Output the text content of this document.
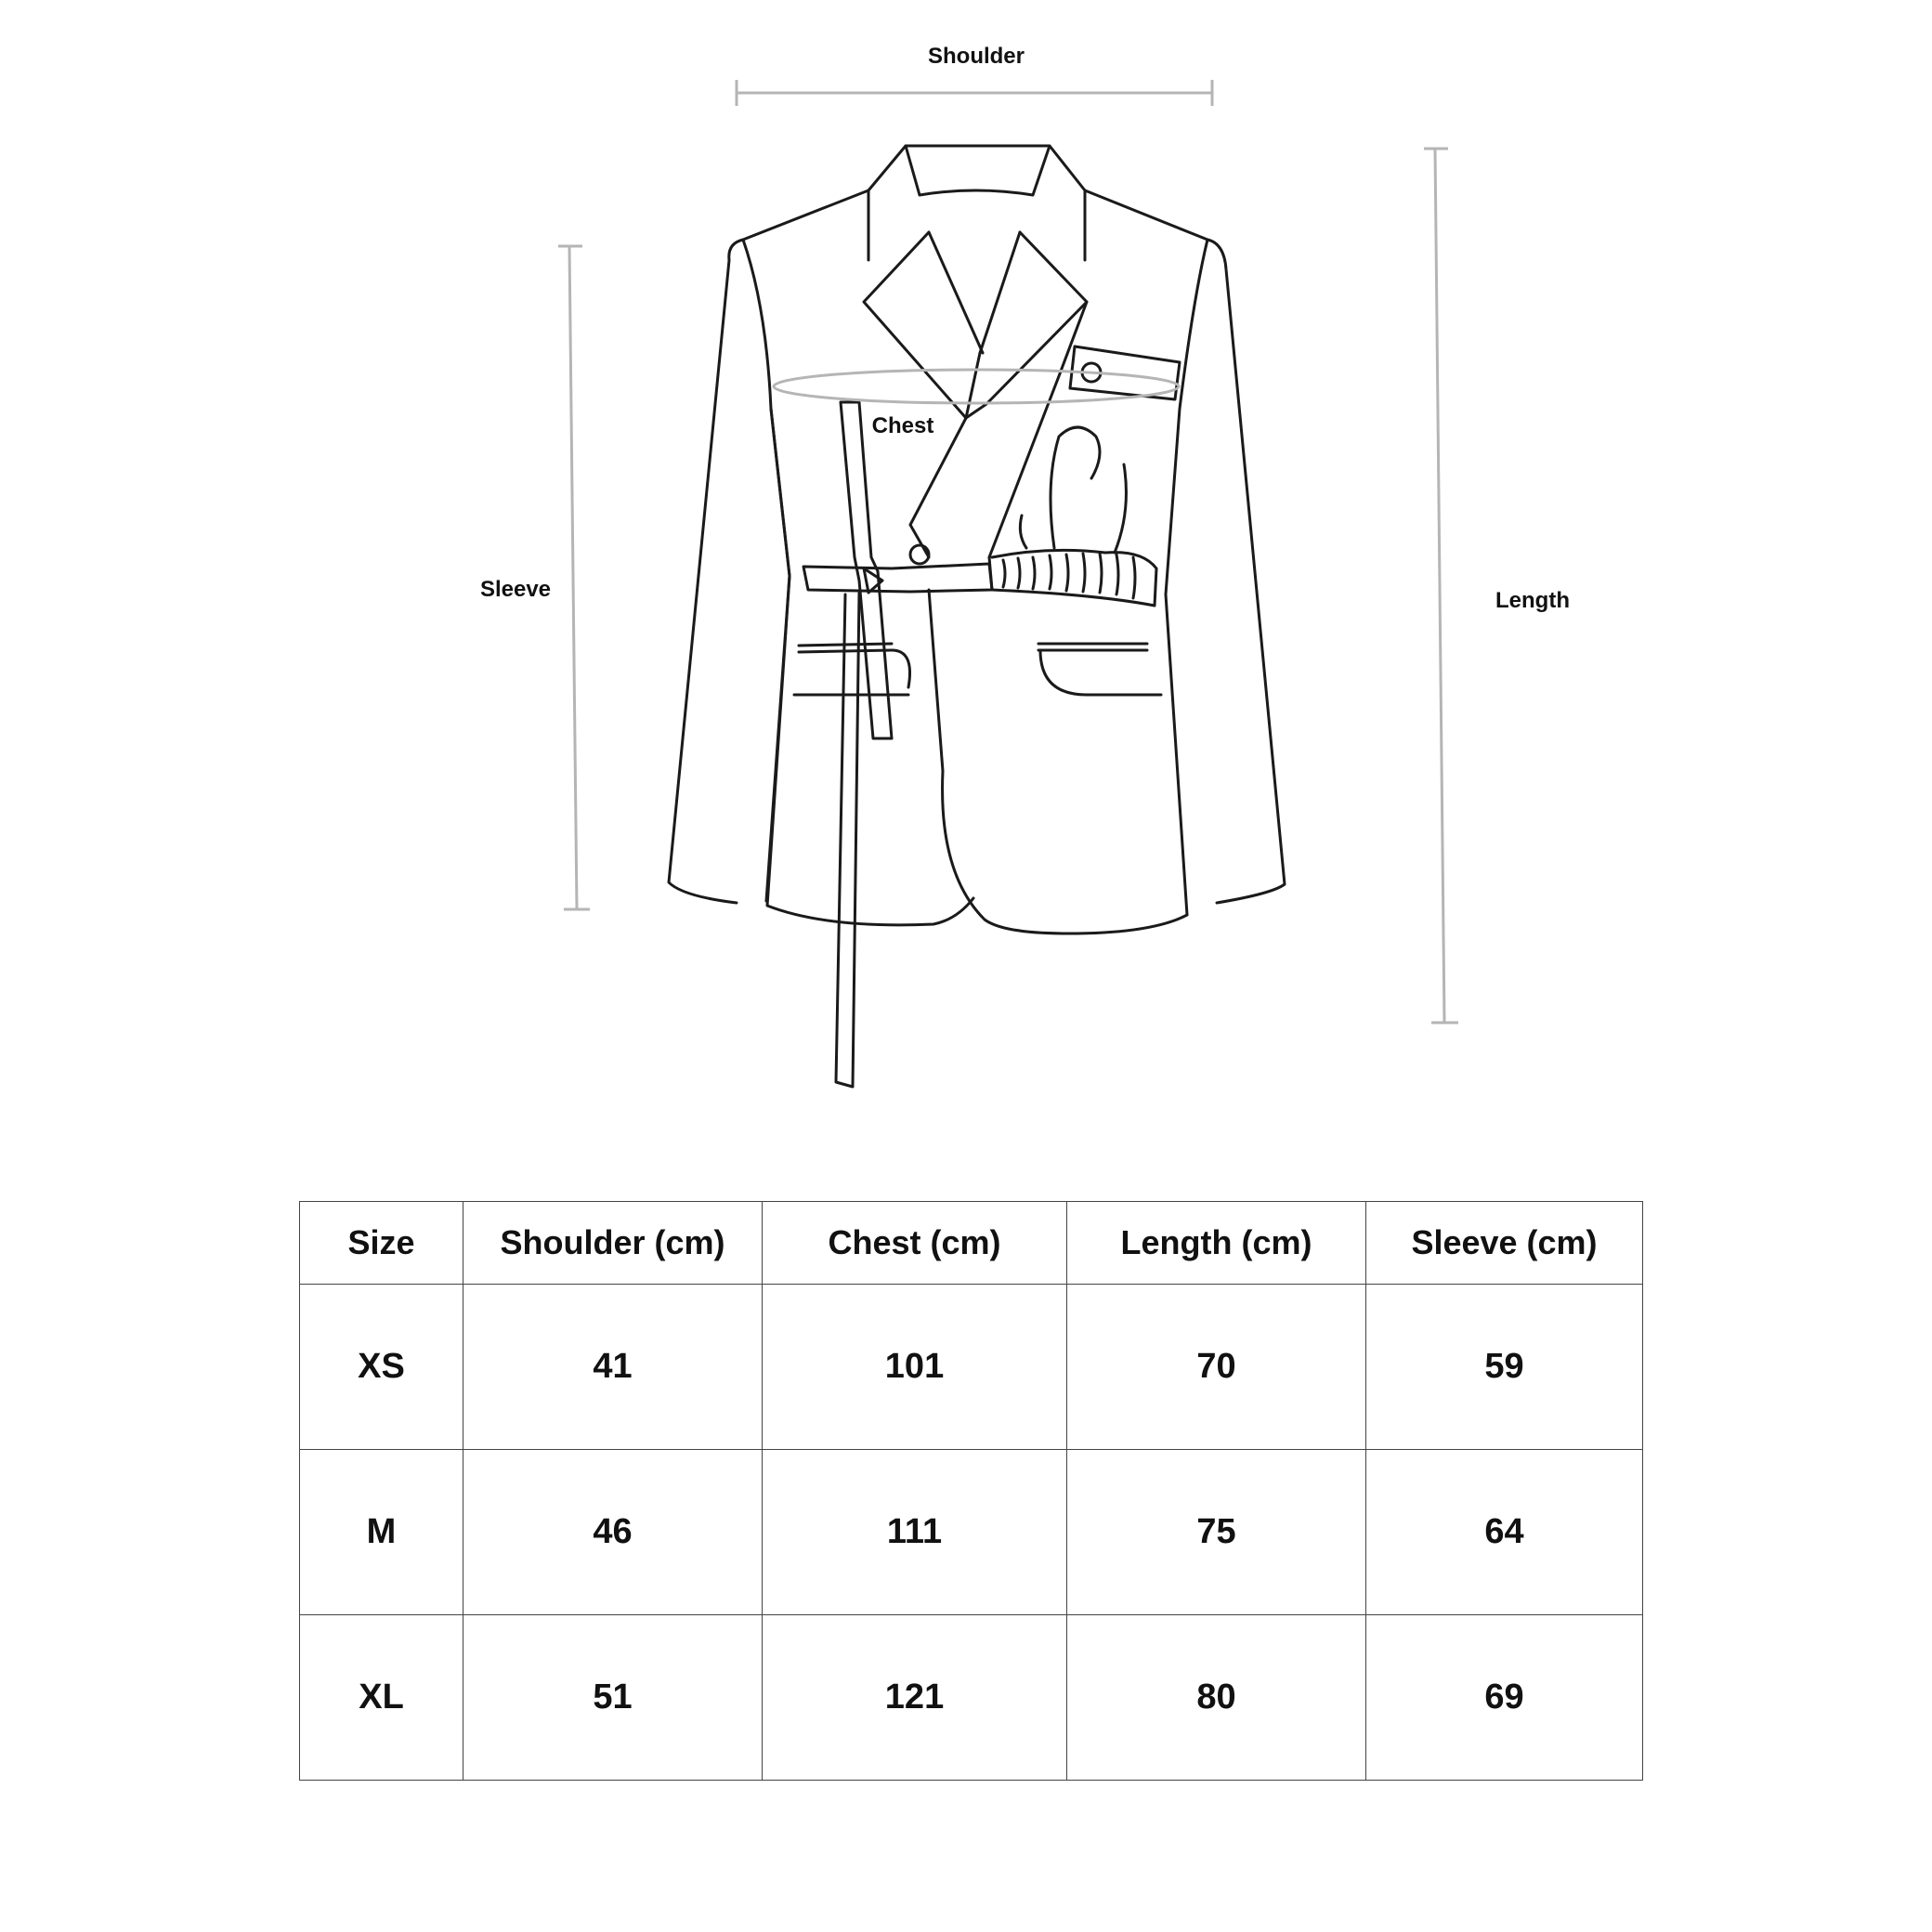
Shoulder
Sleeve	Length
Chest
Size	Shoulder (cm)	Chest (cm)	Length (cm)	Sleeve (cm)
XS	41	101	70	59
M	46	111	75	64
XL	51	121	80	69
